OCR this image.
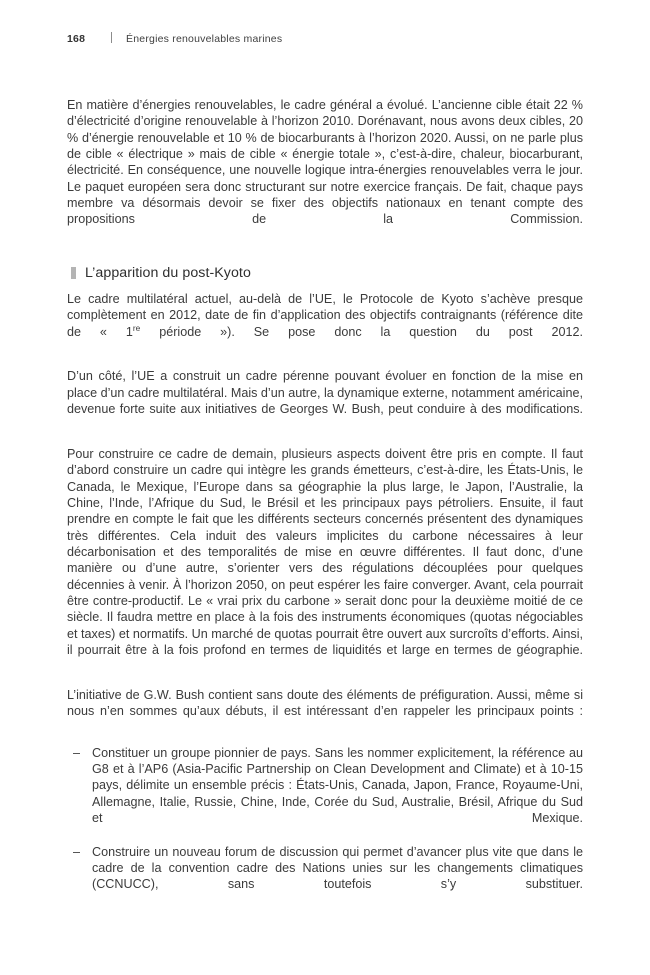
168	Énergies renouvelables marines

En matière d’énergies renouvelables, le cadre général a évolué. L’ancienne cible était 22 % d’électricité d’origine renouvelable à l’horizon 2010. Dorénavant, nous avons deux cibles, 20 % d’énergie renouvelable et 10 % de biocarburants à l’horizon 2020. Aussi, on ne parle plus de cible « électrique » mais de cible « énergie totale », c’est-à-dire, chaleur, biocarburant, électricité. En conséquence, une nouvelle logique intra-énergies renouvelables verra le jour. Le paquet européen sera donc structurant sur notre exercice français. De fait, chaque pays membre va désormais devoir se fixer des objectifs nationaux en tenant compte des propositions de la Commission.

L’apparition du post-Kyoto

Le cadre multilatéral actuel, au-delà de l’UE, le Protocole de Kyoto s’achève presque complètement en 2012, date de fin d’application des objectifs contraignants (référence dite de « 1re période »). Se pose donc la question du post 2012.

D’un côté, l’UE a construit un cadre pérenne pouvant évoluer en fonction de la mise en place d’un cadre multilatéral. Mais d’un autre, la dynamique externe, notamment américaine, devenue forte suite aux initiatives de Georges W. Bush, peut conduire à des modifications.

Pour construire ce cadre de demain, plusieurs aspects doivent être pris en compte. Il faut d’abord construire un cadre qui intègre les grands émetteurs, c’est-à-dire, les États-Unis, le Canada, le Mexique, l’Europe dans sa géographie la plus large, le Japon, l’Australie, la Chine, l’Inde, l’Afrique du Sud, le Brésil et les principaux pays pétroliers. Ensuite, il faut prendre en compte le fait que les différents secteurs concernés présentent des dynamiques très différentes. Cela induit des valeurs implicites du carbone nécessaires à leur décarbonisation et des temporalités de mise en œuvre différentes. Il faut donc, d’une manière ou d’une autre, s’orienter vers des régulations découplées pour quelques décennies à venir. À l’horizon 2050, on peut espérer les faire converger. Avant, cela pourrait être contre-productif. Le « vrai prix du carbone » serait donc pour la deuxième moitié de ce siècle. Il faudra mettre en place à la fois des instruments économiques (quotas négociables et taxes) et normatifs. Un marché de quotas pourrait être ouvert aux surcroîts d’efforts. Ainsi, il pourrait être à la fois profond en termes de liquidités et large en termes de géographie.

L’initiative de G.W. Bush contient sans doute des éléments de préfiguration. Aussi, même si nous n’en sommes qu’aux débuts, il est intéressant d’en rappeler les principaux points :

– Constituer un groupe pionnier de pays. Sans les nommer explicitement, la référence au G8 et à l’AP6 (Asia-Pacific Partnership on Clean Development and Climate) et à 10-15 pays, délimite un ensemble précis : États-Unis, Canada, Japon, France, Royaume-Uni, Allemagne, Italie, Russie, Chine, Inde, Corée du Sud, Australie, Brésil, Afrique du Sud et Mexique.
– Construire un nouveau forum de discussion qui permet d’avancer plus vite que dans le cadre de la convention cadre des Nations unies sur les changements climatiques (CCNUCC), sans toutefois s’y substituer.
